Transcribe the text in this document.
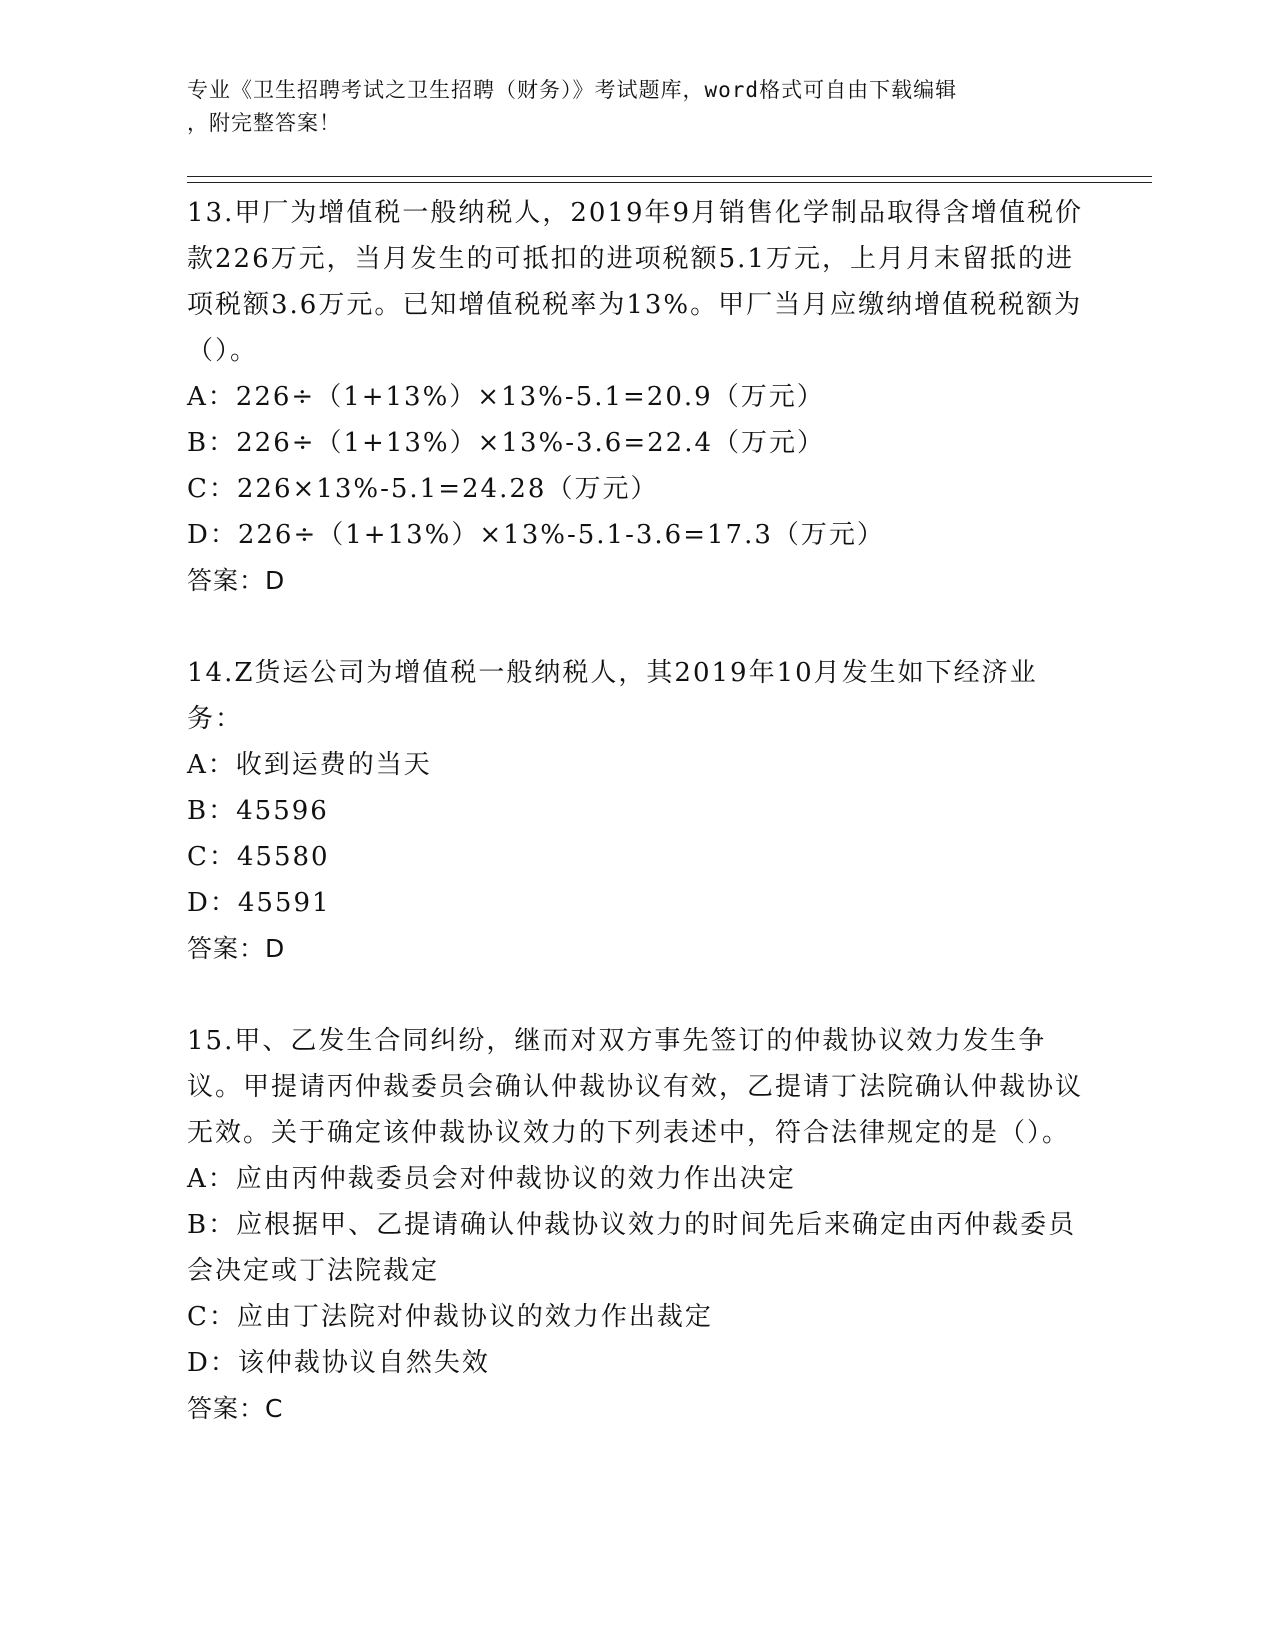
专业《卫生招聘考试之卫生招聘（财务）》考试题库，word格式可自由下载编辑
，附完整答案！

13.甲厂为增值税一般纳税人，2019年9月销售化学制品取得含增值税价款226万元，当月发生的可抵扣的进项税额5.1万元，上月月末留抵的进项税额3.6万元。已知增值税税率为13%。甲厂当月应缴纳增值税税额为（）。

A：226÷（1+13%）×13%-5.1=20.9（万元）

B：226÷（1+13%）×13%-3.6=22.4（万元）

C：226×13%-5.1=24.28（万元）

D：226÷（1+13%）×13%-5.1-3.6=17.3（万元）

答案：D

14.Z货运公司为增值税一般纳税人，其2019年10月发生如下经济业务：

A：收到运费的当天

B：45596

C：45580

D：45591

答案：D

15.甲、乙发生合同纠纷，继而对双方事先签订的仲裁协议效力发生争议。甲提请丙仲裁委员会确认仲裁协议有效，乙提请丁法院确认仲裁协议无效。关于确定该仲裁协议效力的下列表述中，符合法律规定的是（）。

A：应由丙仲裁委员会对仲裁协议的效力作出决定

B：应根据甲、乙提请确认仲裁协议效力的时间先后来确定由丙仲裁委员会决定或丁法院裁定

C：应由丁法院对仲裁协议的效力作出裁定

D：该仲裁协议自然失效

答案：C
